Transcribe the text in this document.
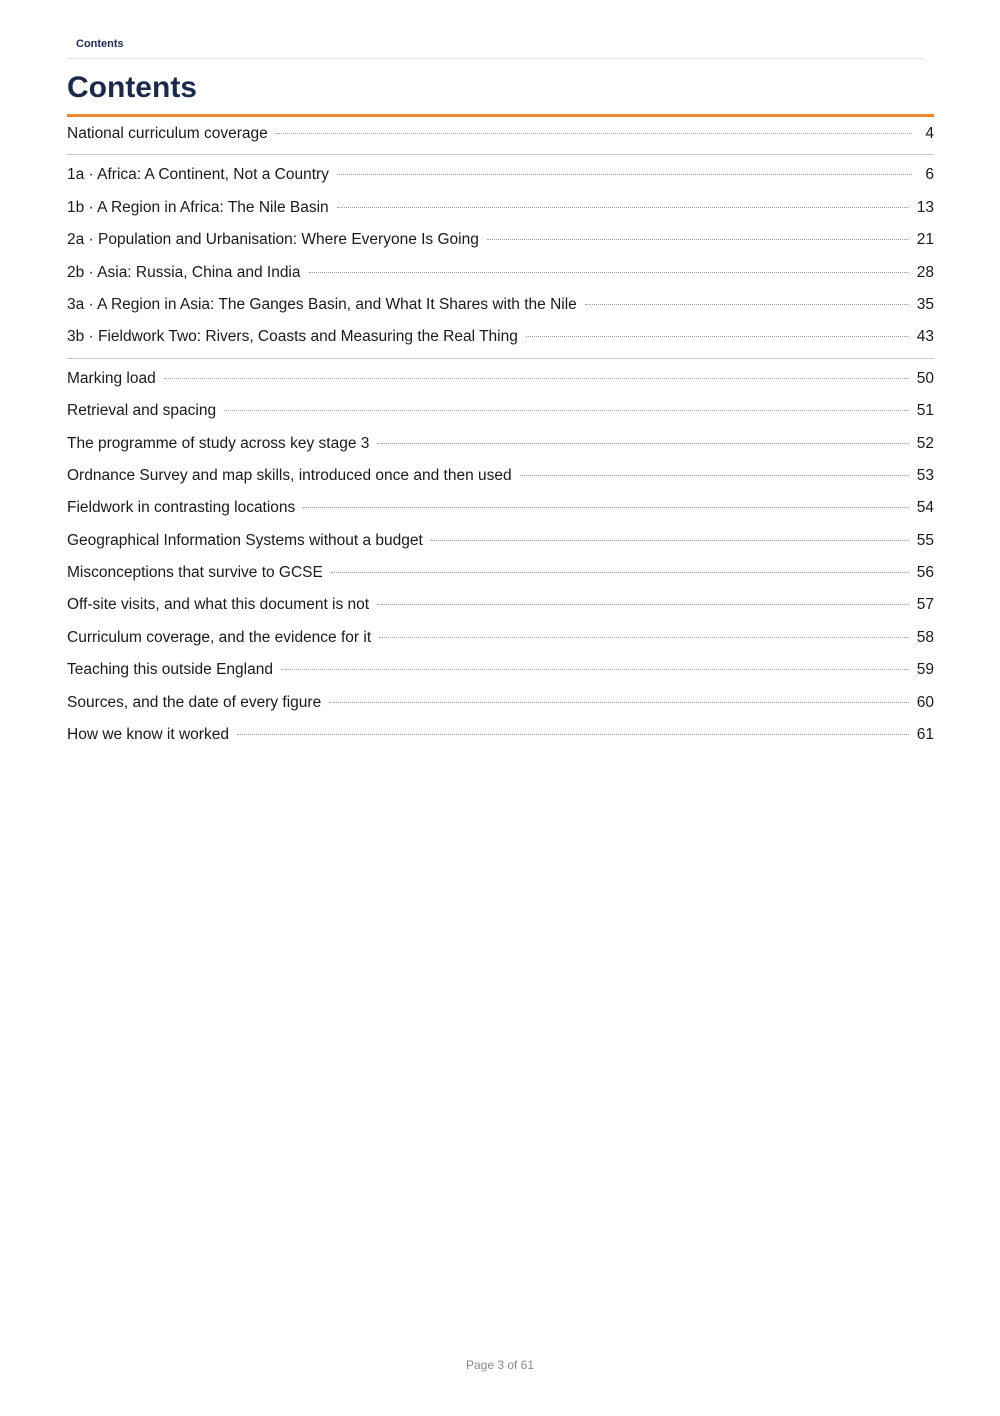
Contents
Contents
National curriculum coverage	4
1a · Africa: A Continent, Not a Country	6
1b · A Region in Africa: The Nile Basin	13
2a · Population and Urbanisation: Where Everyone Is Going	21
2b · Asia: Russia, China and India	28
3a · A Region in Asia: The Ganges Basin, and What It Shares with the Nile	35
3b · Fieldwork Two: Rivers, Coasts and Measuring the Real Thing	43
Marking load	50
Retrieval and spacing	51
The programme of study across key stage 3	52
Ordnance Survey and map skills, introduced once and then used	53
Fieldwork in contrasting locations	54
Geographical Information Systems without a budget	55
Misconceptions that survive to GCSE	56
Off-site visits, and what this document is not	57
Curriculum coverage, and the evidence for it	58
Teaching this outside England	59
Sources, and the date of every figure	60
How we know it worked	61
Page 3 of 61
